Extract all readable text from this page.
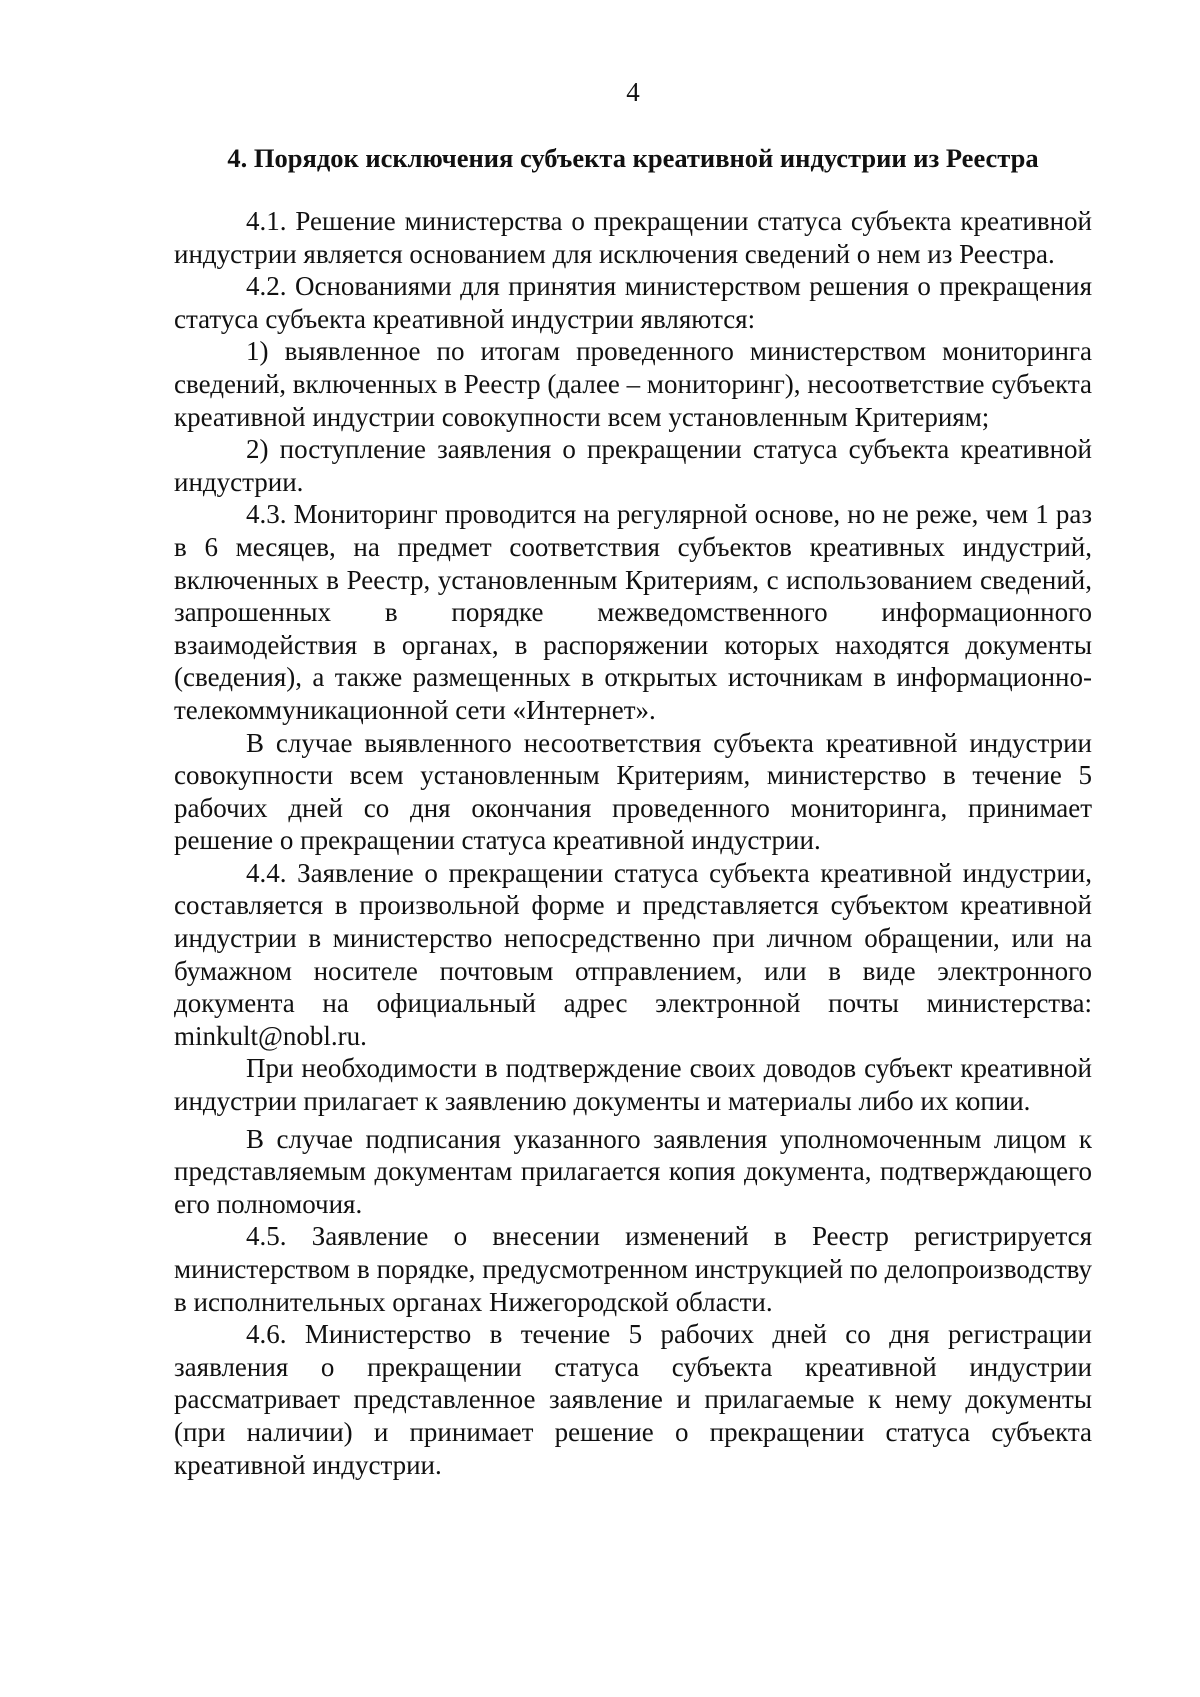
4
4. Порядок исключения субъекта креативной индустрии из Реестра

4.1. Решение министерства о прекращении статуса субъекта креативной индустрии является основанием для исключения сведений о нем из Реестра.

4.2. Основаниями для принятия министерством решения о прекращения статуса субъекта креативной индустрии являются:

1) выявленное по итогам проведенного министерством мониторинга сведений, включенных в Реестр (далее – мониторинг), несоответствие субъекта креативной индустрии совокупности всем установленным Критериям;

2) поступление заявления о прекращении статуса субъекта креативной индустрии.

4.3. Мониторинг проводится на регулярной основе, но не реже, чем 1 раз в 6 месяцев, на предмет соответствия субъектов креативных индустрий, включенных в Реестр, установленным Критериям, с использованием сведений, запрошенных в порядке межведомственного информационного взаимодействия в органах, в распоряжении которых находятся документы (сведения), а также размещенных в открытых источникам в информационно-телекоммуникационной сети «Интернет».

В случае выявленного несоответствия субъекта креативной индустрии совокупности всем установленным Критериям, министерство в течение 5 рабочих дней со дня окончания проведенного мониторинга, принимает решение о прекращении статуса креативной индустрии.

4.4. Заявление о прекращении статуса субъекта креативной индустрии, составляется в произвольной форме и представляется субъектом креативной индустрии в министерство непосредственно при личном обращении, или на бумажном носителе почтовым отправлением, или в виде электронного документа на официальный адрес электронной почты министерства: minkult@nobl.ru.

При необходимости в подтверждение своих доводов субъект креативной индустрии прилагает к заявлению документы и материалы либо их копии.

В случае подписания указанного заявления уполномоченным лицом к представляемым документам прилагается копия документа, подтверждающего его полномочия.

4.5. Заявление о внесении изменений в Реестр регистрируется министерством в порядке, предусмотренном инструкцией по делопроизводству в исполнительных органах Нижегородской области.

4.6. Министерство в течение 5 рабочих дней со дня регистрации заявления о прекращении статуса субъекта креативной индустрии рассматривает представленное заявление и прилагаемые к нему документы (при наличии) и принимает решение о прекращении статуса субъекта креативной индустрии.
